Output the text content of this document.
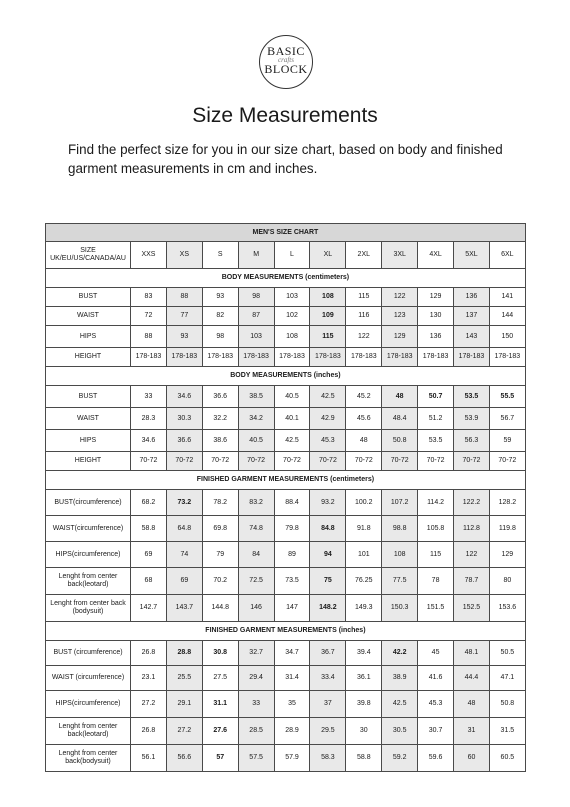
BASIC
crafts
BLOCK
Size Measurements

Find the perfect size for you in our size chart, based on body and finished garment measurements in cm and inches.

MEN'S SIZE CHART											
SIZE UK/EU/US/CANADA/AU	XXS	XS	S	M	L	XL	2XL	3XL	4XL	5XL	6XL
BODY MEASUREMENTS (centimeters)											
BUST	83	88	93	98	103	108	115	122	129	136	141
WAIST	72	77	82	87	102	109	116	123	130	137	144
HIPS	88	93	98	103	108	115	122	129	136	143	150
HEIGHT	178-183	178-183	178-183	178-183	178-183	178-183	178-183	178-183	178-183	178-183	178-183
BODY MEASUREMENTS (inches)											
BUST	33	34.6	36.6	38.5	40.5	42.5	45.2	48	50.7	53.5	55.5
WAIST	28.3	30.3	32.2	34.2	40.1	42.9	45.6	48.4	51.2	53.9	56.7
HIPS	34.6	36.6	38.6	40.5	42.5	45.3	48	50.8	53.5	56.3	59
HEIGHT	70-72	70-72	70-72	70-72	70-72	70-72	70-72	70-72	70-72	70-72	70-72
FINISHED GARMENT MEASUREMENTS (centimeters)											
BUST(circumference)	68.2	73.2	78.2	83.2	88.4	93.2	100.2	107.2	114.2	122.2	128.2
WAIST(circumference)	58.8	64.8	69.8	74.8	79.8	84.8	91.8	98.8	105.8	112.8	119.8
HIPS(circumference)	69	74	79	84	89	94	101	108	115	122	129
Lenght from center back(leotard)	68	69	70.2	72.5	73.5	75	76.25	77.5	78	78.7	80
Lenght from center back (bodysuit)	142.7	143.7	144.8	146	147	148.2	149.3	150.3	151.5	152.5	153.6
FINISHED GARMENT MEASUREMENTS (inches)											
BUST (circumference)	26.8	28.8	30.8	32.7	34.7	36.7	39.4	42.2	45	48.1	50.5
WAIST (circumference)	23.1	25.5	27.5	29.4	31.4	33.4	36.1	38.9	41.6	44.4	47.1
HIPS(circumference)	27.2	29.1	31.1	33	35	37	39.8	42.5	45.3	48	50.8
Lenght from center back(leotard)	26.8	27.2	27.6	28.5	28.9	29.5	30	30.5	30.7	31	31.5
Lenght from center back(bodysuit)	56.1	56.6	57	57.5	57.9	58.3	58.8	59.2	59.6	60	60.5
